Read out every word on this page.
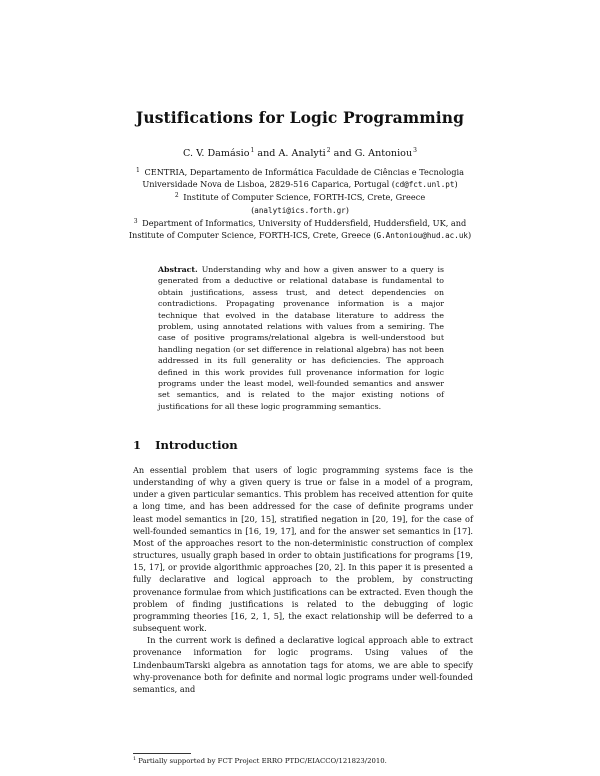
Justifications for Logic Programming
C. V. Damásio$^1$ and A. Analyti$^2$ and G. Antoniou$^3$
$^1$ CENTRIA, Departamento de Informática Faculdade de Ciências e Tecnologia
Universidade Nova de Lisboa, 2829-516 Caparica, Portugal (cd@fct.unl.pt)
$^2$ Institute of Computer Science, FORTH-ICS, Crete, Greece
(analyti@ics.forth.gr)
$^3$ Department of Informatics, University of Huddersfield, Huddersfield, UK, and
Institute of Computer Science, FORTH-ICS, Crete, Greece (G.Antoniou@hud.ac.uk)
Abstract. Understanding why and how a given answer to a query is generated from a deductive or relational database is fundamental to obtain justifications, assess trust, and detect dependencies on contradictions. Propagating provenance information is a major technique that evolved in the database literature to address the problem, using annotated relations with values from a semiring. The case of positive programs/relational algebra is well-understood but handling negation (or set difference in relational algebra) has not been addressed in its full generality or has deficiencies. The approach defined in this work provides full provenance information for logic programs under the least model, well-founded semantics and answer set semantics, and is related to the major existing notions of justifications for all these logic programming semantics.
1 Introduction

An essential problem that users of logic programming systems face is the understanding of why a given query is true or false in a model of a program, under a given particular semantics. This problem has received attention for quite a long time, and has been addressed for the case of definite programs under least model semantics in [20, 15], stratified negation in [20, 19], for the case of well-founded semantics in [16, 19, 17], and for the answer set semantics in [17]. Most of the approaches resort to the non-deterministic construction of complex structures, usually graph based in order to obtain justifications for programs [19, 15, 17], or provide algorithmic approaches [20, 2]. In this paper it is presented a fully declarative and logical approach to the problem, by constructing provenance formulae from which justifications can be extracted. Even though the problem of finding justifications is related to the debugging of logic programming theories [16, 2, 1, 5], the exact relationship will be deferred to a subsequent work.

In the current work is defined a declarative logical approach able to extract provenance information for logic programs. Using values of the LindenbaumTarski algebra as annotation tags for atoms, we are able to specify why-provenance both for definite and normal logic programs under well-founded semantics, and

$^1$ Partially supported by FCT Project ERRO PTDC/EIACCO/121823/2010.
